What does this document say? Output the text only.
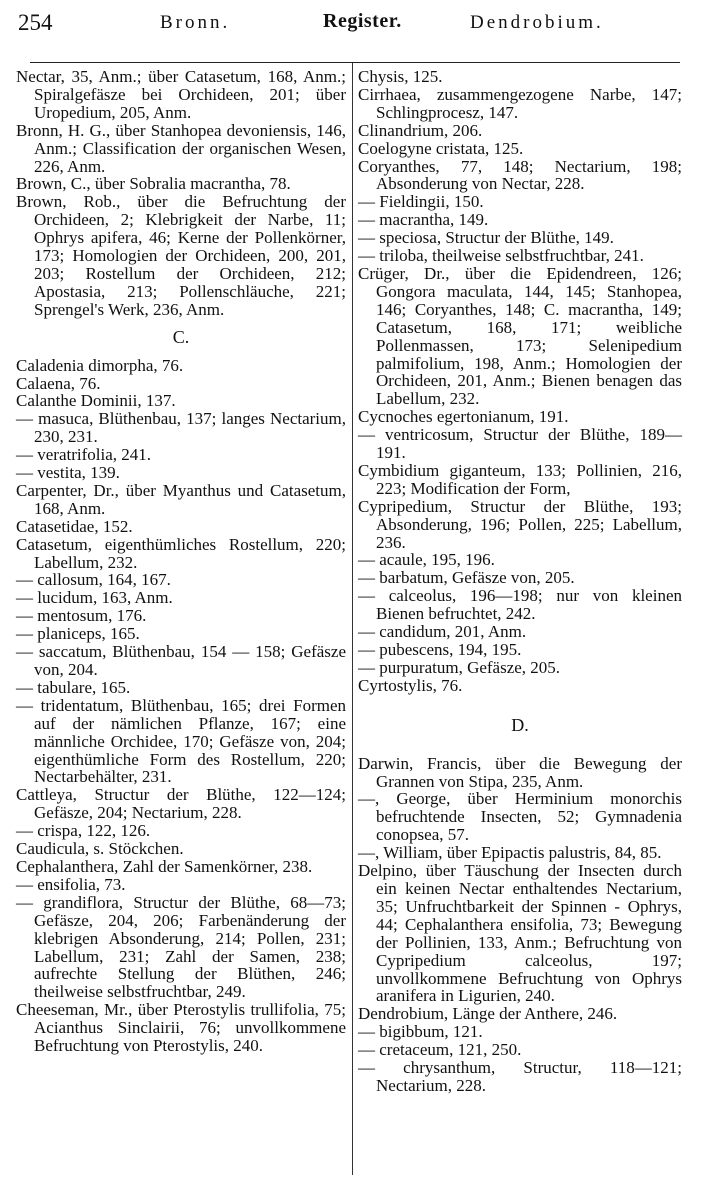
254	Bronn.	Register.	Dendrobium.

Nectar, 35, Anm.; über Catasetum, 168, Anm.; Spiralgefäsze bei Orchideen, 201; über Uropedium, 205, Anm.

Bronn, H. G., über Stanhopea devoniensis, 146, Anm.; Classification der organischen Wesen, 226, Anm.

Brown, C., über Sobralia macrantha, 78.

Brown, Rob., über die Befruchtung der Orchideen, 2; Klebrigkeit der Narbe, 11; Ophrys apifera, 46; Kerne der Pollenkörner, 173; Homologien der Orchideen, 200, 201, 203; Rostellum der Orchideen, 212; Apostasia, 213; Pollenschläuche, 221; Sprengel's Werk, 236, Anm.

C.

Caladenia dimorpha, 76.

Calaena, 76.

Calanthe Dominii, 137.

— masuca, Blüthenbau, 137; langes Nectarium, 230, 231.

— veratrifolia, 241.

— vestita, 139.

Carpenter, Dr., über Myanthus und Catasetum, 168, Anm.

Catasetidae, 152.

Catasetum, eigenthümliches Rostellum, 220; Labellum, 232.

— callosum, 164, 167.

— lucidum, 163, Anm.

— mentosum, 176.

— planiceps, 165.

— saccatum, Blüthenbau, 154 — 158; Gefäsze von, 204.

— tabulare, 165.

— tridentatum, Blüthenbau, 165; drei Formen auf der nämlichen Pflanze, 167; eine männliche Orchidee, 170; Gefäsze von, 204; eigenthümliche Form des Rostellum, 220; Nectarbehälter, 231.

Cattleya, Structur der Blüthe, 122—124; Gefäsze, 204; Nectarium, 228.

— crispa, 122, 126.

Caudicula, s. Stöckchen.

Cephalanthera, Zahl der Samenkörner, 238.

— ensifolia, 73.

— grandiflora, Structur der Blüthe, 68—73; Gefäsze, 204, 206; Farbenänderung der klebrigen Absonderung, 214; Pollen, 231; Labellum, 231; Zahl der Samen, 238; aufrechte Stellung der Blüthen, 246; theilweise selbstfruchtbar, 249.

Cheeseman, Mr., über Pterostylis trullifolia, 75; Acianthus Sinclairii, 76; unvollkommene Befruchtung von Pterostylis, 240.

Chysis, 125.

Cirrhaea, zusammengezogene Narbe, 147; Schlingprocesz, 147.

Clinandrium, 206.

Coelogyne cristata, 125.

Coryanthes, 77, 148; Nectarium, 198; Absonderung von Nectar, 228.

— Fieldingii, 150.

— macrantha, 149.

— speciosa, Structur der Blüthe, 149.

— triloba, theilweise selbstfruchtbar, 241.

Crüger, Dr., über die Epidendreen, 126; Gongora maculata, 144, 145; Stanhopea, 146; Coryanthes, 148; C. macrantha, 149; Catasetum, 168, 171; weibliche Pollenmassen, 173; Selenipedium palmifolium, 198, Anm.; Homologien der Orchideen, 201, Anm.; Bienen benagen das Labellum, 232.

Cycnoches egertonianum, 191.

— ventricosum, Structur der Blüthe, 189—191.

Cymbidium giganteum, 133; Pollinien, 216, 223; Modification der Form,

Cypripedium, Structur der Blüthe, 193; Absonderung, 196; Pollen, 225; Labellum, 236.

— acaule, 195, 196.

— barbatum, Gefäsze von, 205.

— calceolus, 196—198; nur von kleinen Bienen befruchtet, 242.

— candidum, 201, Anm.

— pubescens, 194, 195.

— purpuratum, Gefäsze, 205.

Cyrtostylis, 76.

D.

Darwin, Francis, über die Bewegung der Grannen von Stipa, 235, Anm.

—, George, über Herminium monorchis befruchtende Insecten, 52; Gymnadenia conopsea, 57.

—, William, über Epipactis palustris, 84, 85.

Delpino, über Täuschung der Insecten durch ein keinen Nectar enthaltendes Nectarium, 35; Unfruchtbarkeit der Spinnen - Ophrys, 44; Cephalanthera ensifolia, 73; Bewegung der Pollinien, 133, Anm.; Befruchtung von Cypripedium calceolus, 197; unvollkommene Befruchtung von Ophrys aranifera in Ligurien, 240.

Dendrobium, Länge der Anthere, 246.

— bigibbum, 121.

— cretaceum, 121, 250.

— chrysanthum, Structur, 118—121; Nectarium, 228.
